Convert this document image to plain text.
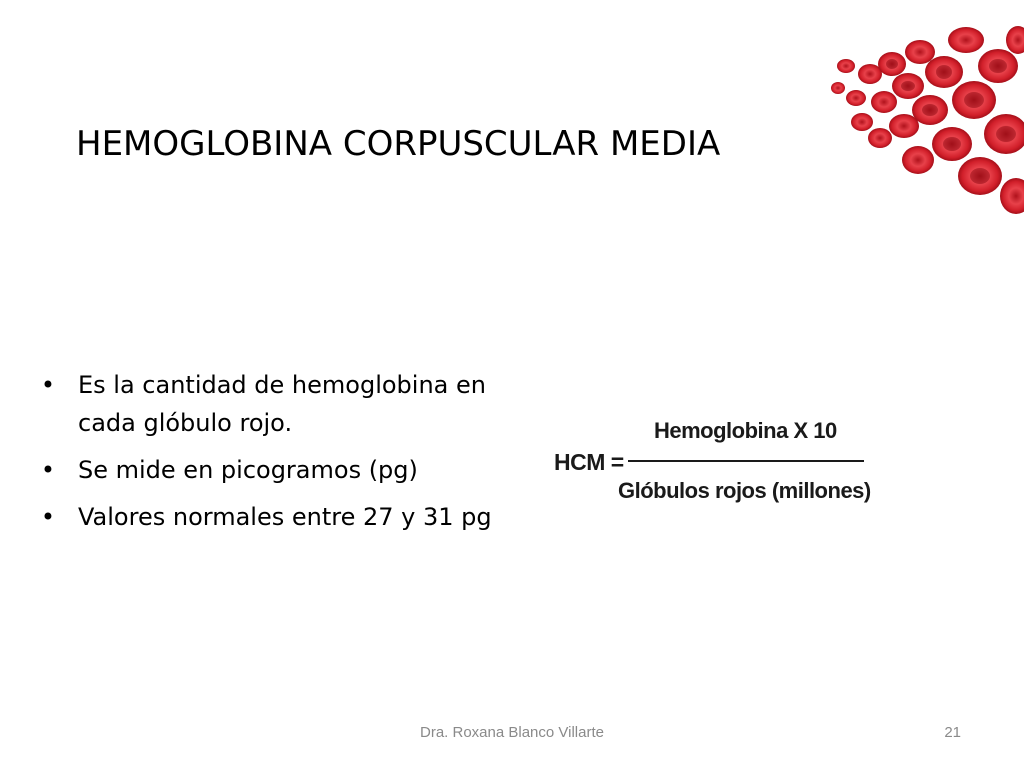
HEMOGLOBINA CORPUSCULAR MEDIA
• Es la cantidad de hemoglobina en cada glóbulo rojo.
• Se mide en picogramos (pg)
• Valores normales entre 27 y 31 pg
HCM =
Hemoglobina X 10
Glóbulos rojos (millones)
Dra. Roxana Blanco Villarte	21
